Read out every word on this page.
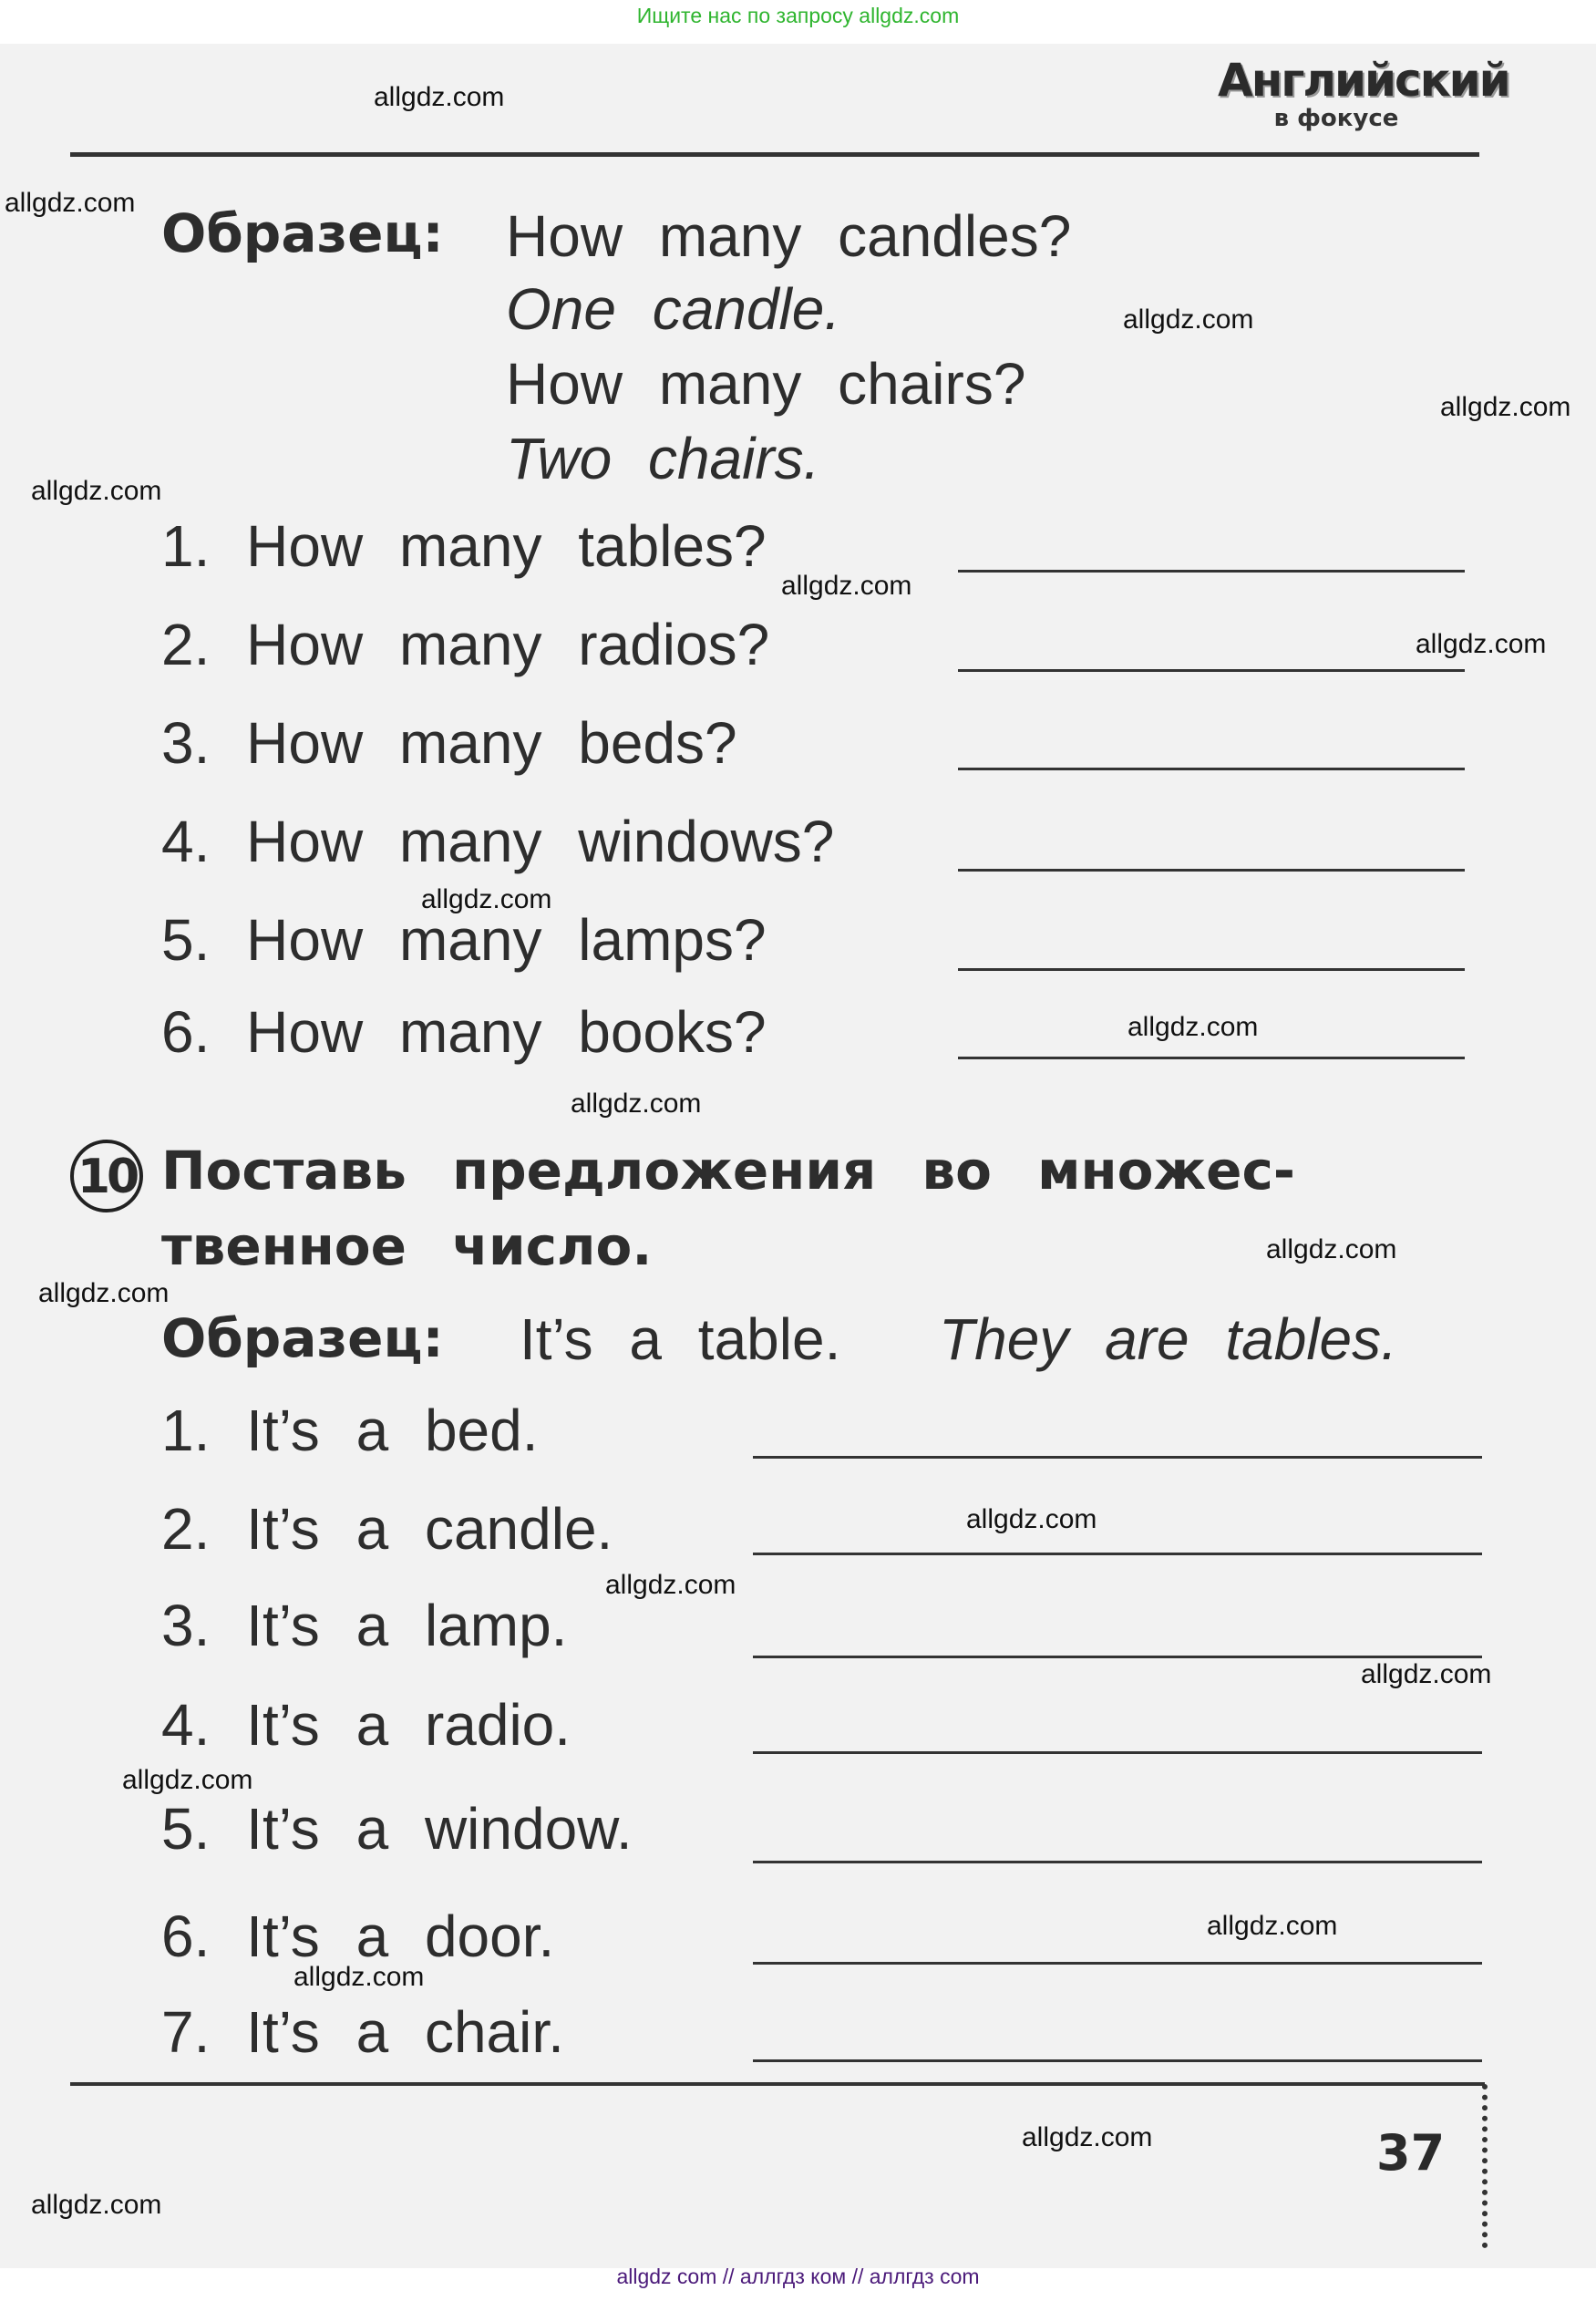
Ищите нас по запросу allgdz.com
Английский
в фокусе
Образец: How many candles?
One candle.
How many chairs?
Two chairs.
1. How many tables?
2. How many radios?
3. How many beds?
4. How many windows?
5. How many lamps?
6. How many books?
10 Поставь предложения во множес-
твенное число.
Образец: It’s a table. They are tables.
1. It’s a bed.
2. It’s a candle.
3. It’s a lamp.
4. It’s a radio.
5. It’s a window.
6. It’s a door.
7. It’s a chair.
37
allgdz.com
allgdz.com
allgdz.com
allgdz.com
allgdz.com
allgdz.com
allgdz.com
allgdz.com
allgdz.com
allgdz.com
allgdz.com
allgdz.com
allgdz.com
allgdz.com
allgdz.com
allgdz.com
allgdz.com
allgdz.com
allgdz.com
allgdz.com
allgdz com // аллгдз ком // аллгдз com
